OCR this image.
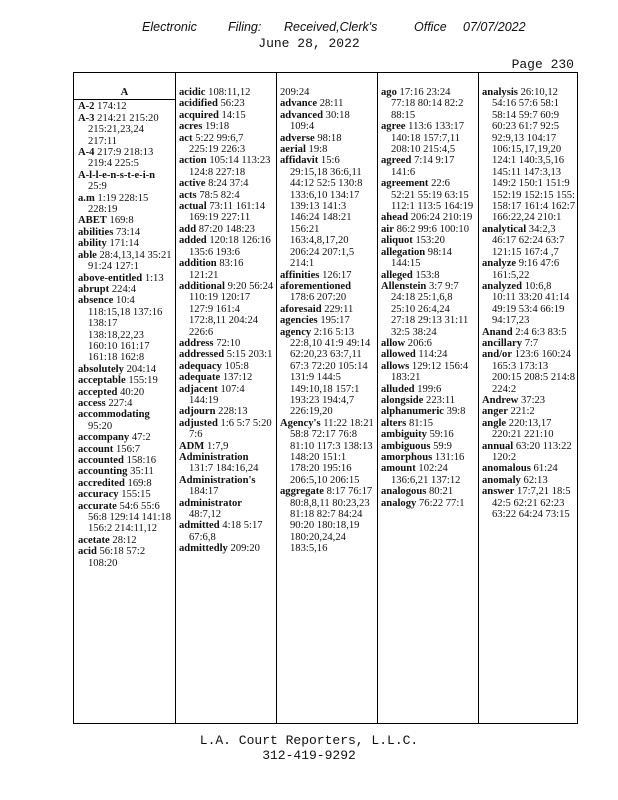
Electronic Filing: Received,Clerk's	Office 07/07/2022
June 28, 2022
Page 230
A
A-2 174:12
A-3 214:21 215:20 215:21,23,24 217:11
A-4 217:9 218:13 219:4 225:5
A-l-l-e-n-s-t-e-i-n 25:9
a.m 1:19 228:15 228:19
ABET 169:8
abilities 73:14
ability 171:14
able 28:4,13,14 35:21 91:24 127:1
above-entitled 1:13
abrupt 224:4
absence 10:4 118:15,18 137:16 138:17 138:18,22,23 160:10 161:17 161:18 162:8
absolutely 204:14
acceptable 155:19
accepted 40:20
access 227:4
accommodating 95:20
accompany 47:2
account 156:7
accounted 158:16
accounting 35:11
accredited 169:8
accuracy 155:15
accurate 54:6 55:6 56:8 129:14 141:18 156:2 214:11,12
acetate 28:12
acid 56:18 57:2 108:20
acidic 108:11,12
acidified 56:23
acquired 14:15
acres 19:18
act 5:22 99:6,7 225:19 226:3
action 105:14 113:23 124:8 227:18
active 8:24 37:4
acts 78:5 82:4
actual 73:11 161:14 169:19 227:11
add 87:20 148:23
added 120:18 126:16 135:6 193:6
addition 83:16 121:21
additional 9:20 56:24 110:19 120:17 127:9 161:4 172:8,11 204:24 226:6
address 72:10
addressed 5:15 203:1
adequacy 105:8
adequate 137:12
adjacent 107:4 144:19
adjourn 228:13
adjusted 1:6 5:7 5:20 7:6
ADM 1:7,9
Administration 131:7 184:16,24
Administration's 184:17
administrator 48:7,12
admitted 4:18 5:17 67:6,8
admittedly 209:20
209:24
advance 28:11
advanced 30:18 109:4
adverse 98:18
aerial 19:8
affidavit 15:6 29:15,18 36:6,11 44:12 52:5 130:8 133:6,10 134:17 139:13 141:3 146:24 148:21 156:21 163:4,8,17,20 206:24 207:1,5 214:1
affinities 126:17
aforementioned 178:6 207:20
aforesaid 229:11
agencies 195:17
agency 2:16 5:13 22:8,10 41:9 49:14 62:20,23 63:7,11 67:3 72:20 105:14 131:9 144:5 149:10,18 157:1 193:23 194:4,7 226:19,20
Agency's 11:22 18:21 58:8 72:17 76:8 81:10 117:3 138:13 148:20 151:1 178:20 195:16 206:5,10 206:15
aggregate 8:17 76:17 80:8,8,11 80:23,23 81:18 82:7 84:24 90:20 180:18,19 180:20,24,24 183:5,16
ago 17:16 23:24 77:18 80:14 82:2 88:15
agree 113:6 133:17 140:18 157:7,11 208:10 215:4,5
agreed 7:14 9:17 141:6
agreement 22:6 52:21 55:19 63:15 112:1 113:5 164:19
ahead 206:24 210:19
air 86:2 99:6 100:10
aliquot 153:20
allegation 98:14 144:15
alleged 153:8
Allenstein 3:7 9:7 24:18 25:1,6,8 25:10 26:4,24 27:18 29:13 31:11 32:5 38:24
allow 206:6
allowed 114:24
allows 129:12 156:4 183:21
alluded 199:6
alongside 223:11
alphanumeric 39:8
alters 81:15
ambiguity 59:16
ambiguous 59:9
amorphous 131:16
amount 102:24 136:6,21 137:12
analogous 80:21
analogy 76:22 77:1
analysis 26:10,12 54:16 57:6 58:1 58:14 59:7 60:9 60:23 61:7 92:5 92:9,13 104:17 106:15,17,19,20 124:1 140:3,5,16 145:11 147:3,13 149:2 150:1 151:9 152:19 152:15 155: 158:17 161:4 162:7 166:22,24 210:1
analytical 34:2,3 46:17 62:24 63:7 121:15 167:4 ,7
analyze 9:16 47:6 161:5,22
analyzed 10:6,8 10:11 33:20 41:14 49:19 53:4 66:19 94:17,23
Anand 2:4 6:3 83:5
ancillary 7:7
and/or 123:6 160:24 165:3 173:13 200:15 208:5 214:8 224:2
Andrew 37:23
anger 221:2
angle 220:13,17 220:21 221:10
annual 63:20 113:22 120:2
anomalous 61:24
anomaly 62:13
answer 17:7,21 18:5 42:5 62:21 62:23 63:22 64:24 73:15
L.A. Court Reporters, L.L.C.
312-419-9292
